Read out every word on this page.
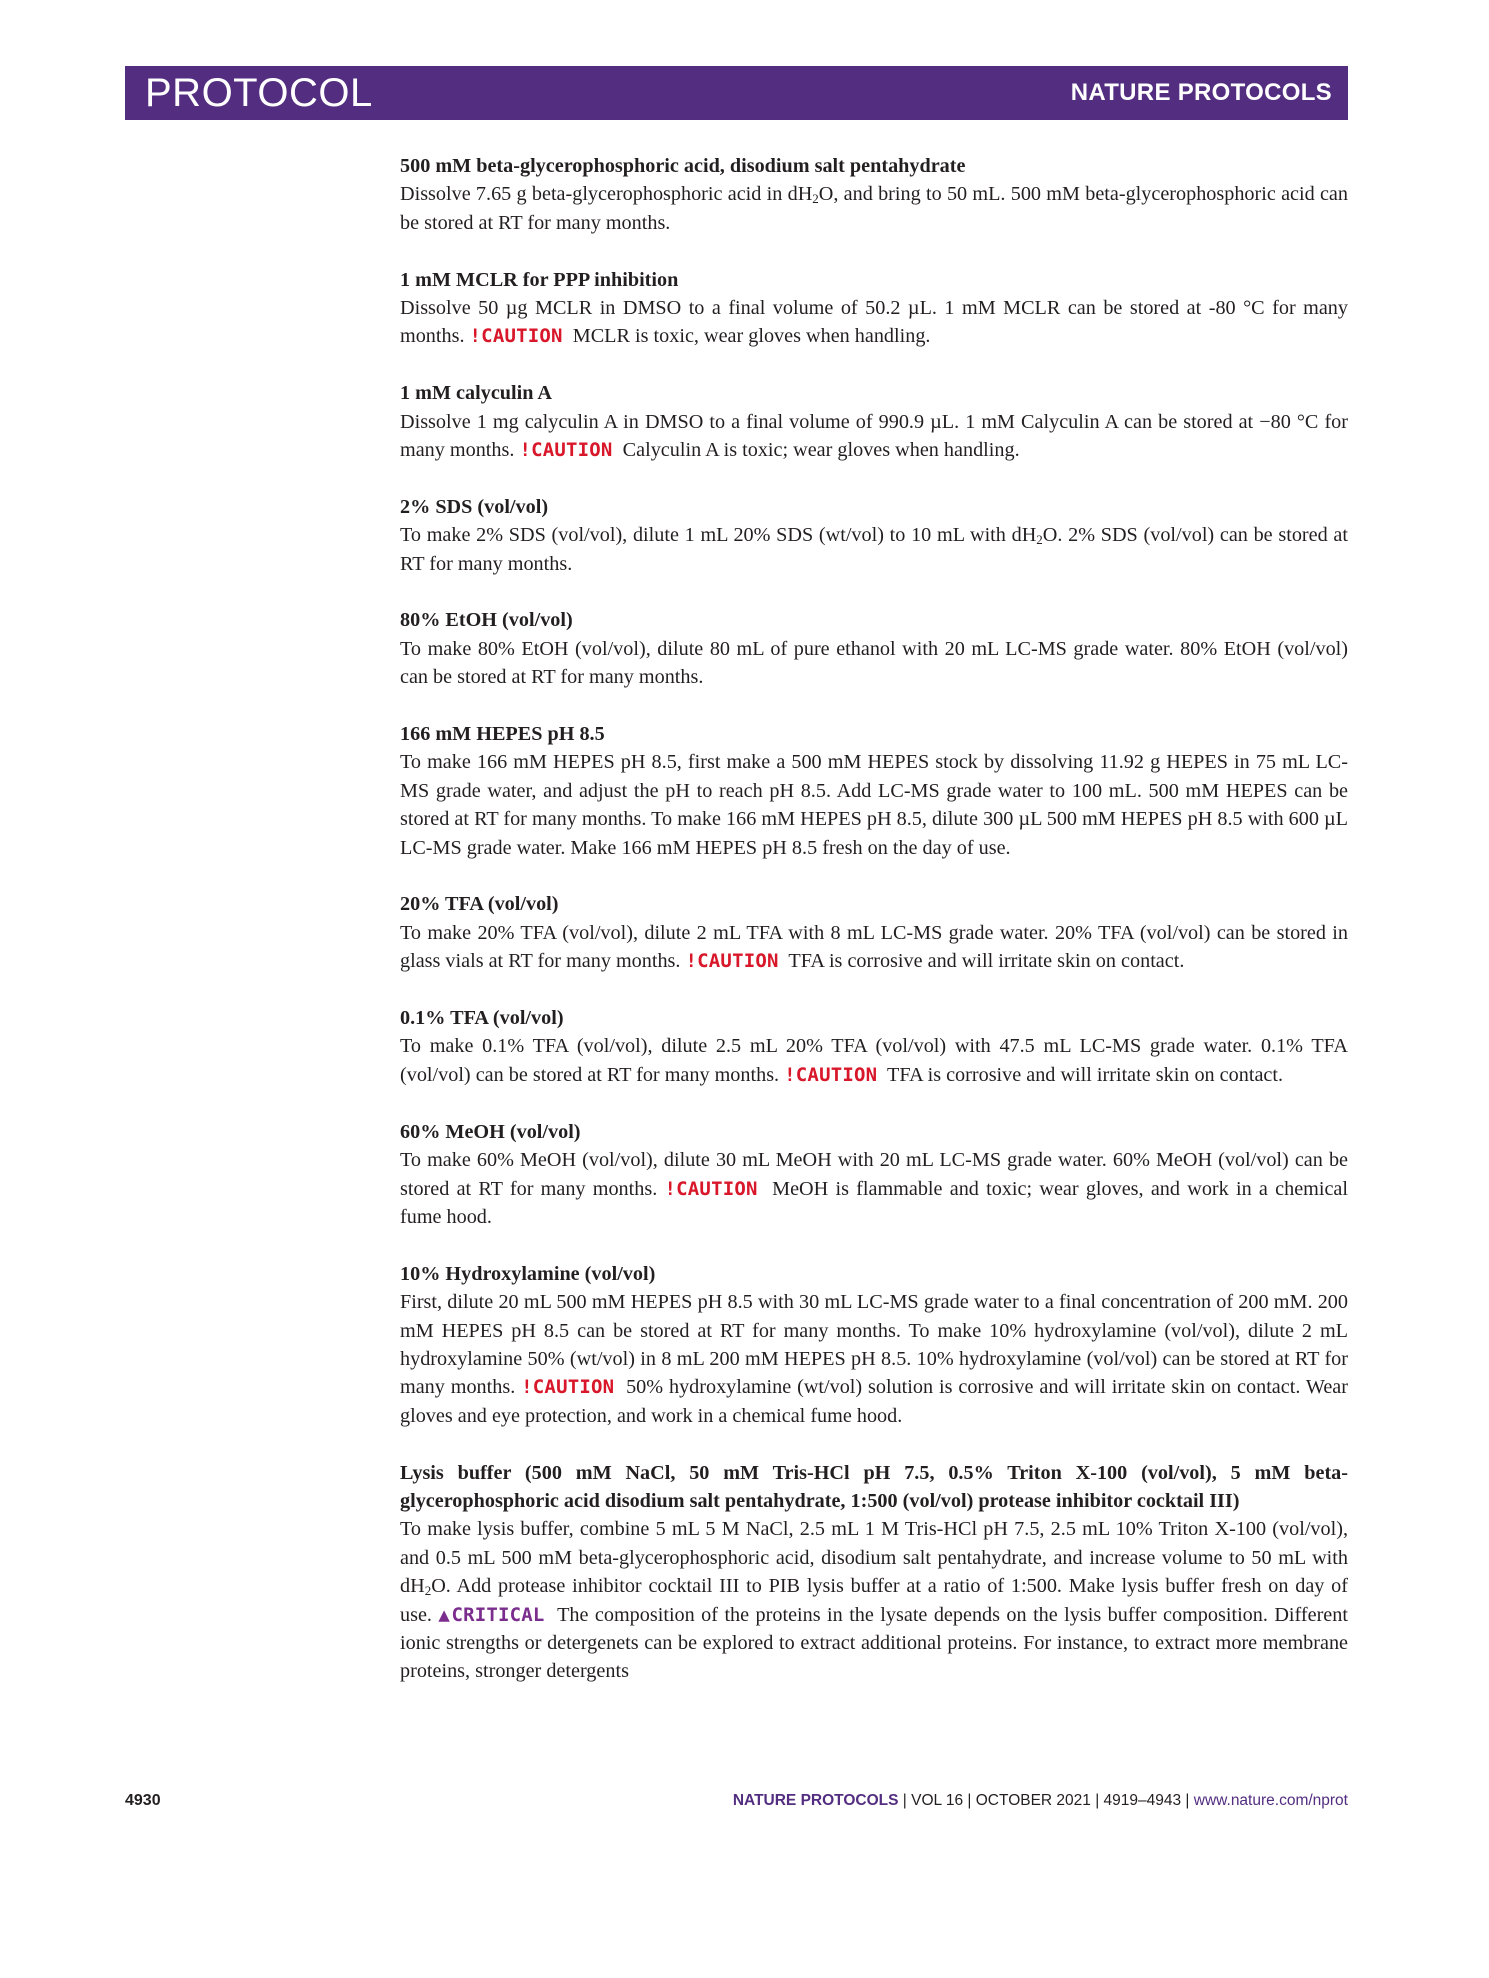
PROTOCOL	NATURE PROTOCOLS
500 mM beta-glycerophosphoric acid, disodium salt pentahydrate

Dissolve 7.65 g beta-glycerophosphoric acid in $dH_2O$, and bring to 50 mL. 500 mM beta-glycerophosphoric acid can be stored at RT for many months.

1 mM MCLR for PPP inhibition

Dissolve 50 µg MCLR in DMSO to a final volume of 50.2 µL. 1 mM MCLR can be stored at -80 °C for many months. !CAUTION MCLR is toxic, wear gloves when handling.

1 mM calyculin A

Dissolve 1 mg calyculin A in DMSO to a final volume of 990.9 µL. 1 mM Calyculin A can be stored at −80 °C for many months. !CAUTION Calyculin A is toxic; wear gloves when handling.

2% SDS (vol/vol)

To make 2% SDS (vol/vol), dilute 1 mL 20% SDS (wt/vol) to 10 mL with $dH_2O$. 2% SDS (vol/vol) can be stored at RT for many months.

80% EtOH (vol/vol)

To make 80% EtOH (vol/vol), dilute 80 mL of pure ethanol with 20 mL LC-MS grade water. 80% EtOH (vol/vol) can be stored at RT for many months.

166 mM HEPES pH 8.5

To make 166 mM HEPES pH 8.5, first make a 500 mM HEPES stock by dissolving 11.92 g HEPES in 75 mL LC-MS grade water, and adjust the pH to reach pH 8.5. Add LC-MS grade water to 100 mL. 500 mM HEPES can be stored at RT for many months. To make 166 mM HEPES pH 8.5, dilute 300 µL 500 mM HEPES pH 8.5 with 600 µL LC-MS grade water. Make 166 mM HEPES pH 8.5 fresh on the day of use.

20% TFA (vol/vol)

To make 20% TFA (vol/vol), dilute 2 mL TFA with 8 mL LC-MS grade water. 20% TFA (vol/vol) can be stored in glass vials at RT for many months. !CAUTION TFA is corrosive and will irritate skin on contact.

0.1% TFA (vol/vol)

To make 0.1% TFA (vol/vol), dilute 2.5 mL 20% TFA (vol/vol) with 47.5 mL LC-MS grade water. 0.1% TFA (vol/vol) can be stored at RT for many months. !CAUTION TFA is corrosive and will irritate skin on contact.

60% MeOH (vol/vol)

To make 60% MeOH (vol/vol), dilute 30 mL MeOH with 20 mL LC-MS grade water. 60% MeOH (vol/vol) can be stored at RT for many months. !CAUTION MeOH is flammable and toxic; wear gloves, and work in a chemical fume hood.

10% Hydroxylamine (vol/vol)

First, dilute 20 mL 500 mM HEPES pH 8.5 with 30 mL LC-MS grade water to a final concentration of 200 mM. 200 mM HEPES pH 8.5 can be stored at RT for many months. To make 10% hydroxylamine (vol/vol), dilute 2 mL hydroxylamine 50% (wt/vol) in 8 mL 200 mM HEPES pH 8.5. 10% hydroxylamine (vol/vol) can be stored at RT for many months. !CAUTION 50% hydroxylamine (wt/vol) solution is corrosive and will irritate skin on contact. Wear gloves and eye protection, and work in a chemical fume hood.

Lysis buffer (500 mM NaCl, 50 mM Tris-HCl pH 7.5, 0.5% Triton X-100 (vol/vol), 5 mM beta-glycerophosphoric acid disodium salt pentahydrate, 1:500 (vol/vol) protease inhibitor cocktail III)

To make lysis buffer, combine 5 mL 5 M NaCl, 2.5 mL 1 M Tris-HCl pH 7.5, 2.5 mL 10% Triton X-100 (vol/vol), and 0.5 mL 500 mM beta-glycerophosphoric acid, disodium salt pentahydrate, and increase volume to 50 mL with $dH_2O$. Add protease inhibitor cocktail III to PIB lysis buffer at a ratio of 1:500. Make lysis buffer fresh on day of use. ▲CRITICAL The composition of the proteins in the lysate depends on the lysis buffer composition. Different ionic strengths or detergenets can be explored to extract additional proteins. For instance, to extract more membrane proteins, stronger detergents

4930	NATURE PROTOCOLS | VOL 16 | OCTOBER 2021 | 4919–4943 | www.nature.com/nprot
